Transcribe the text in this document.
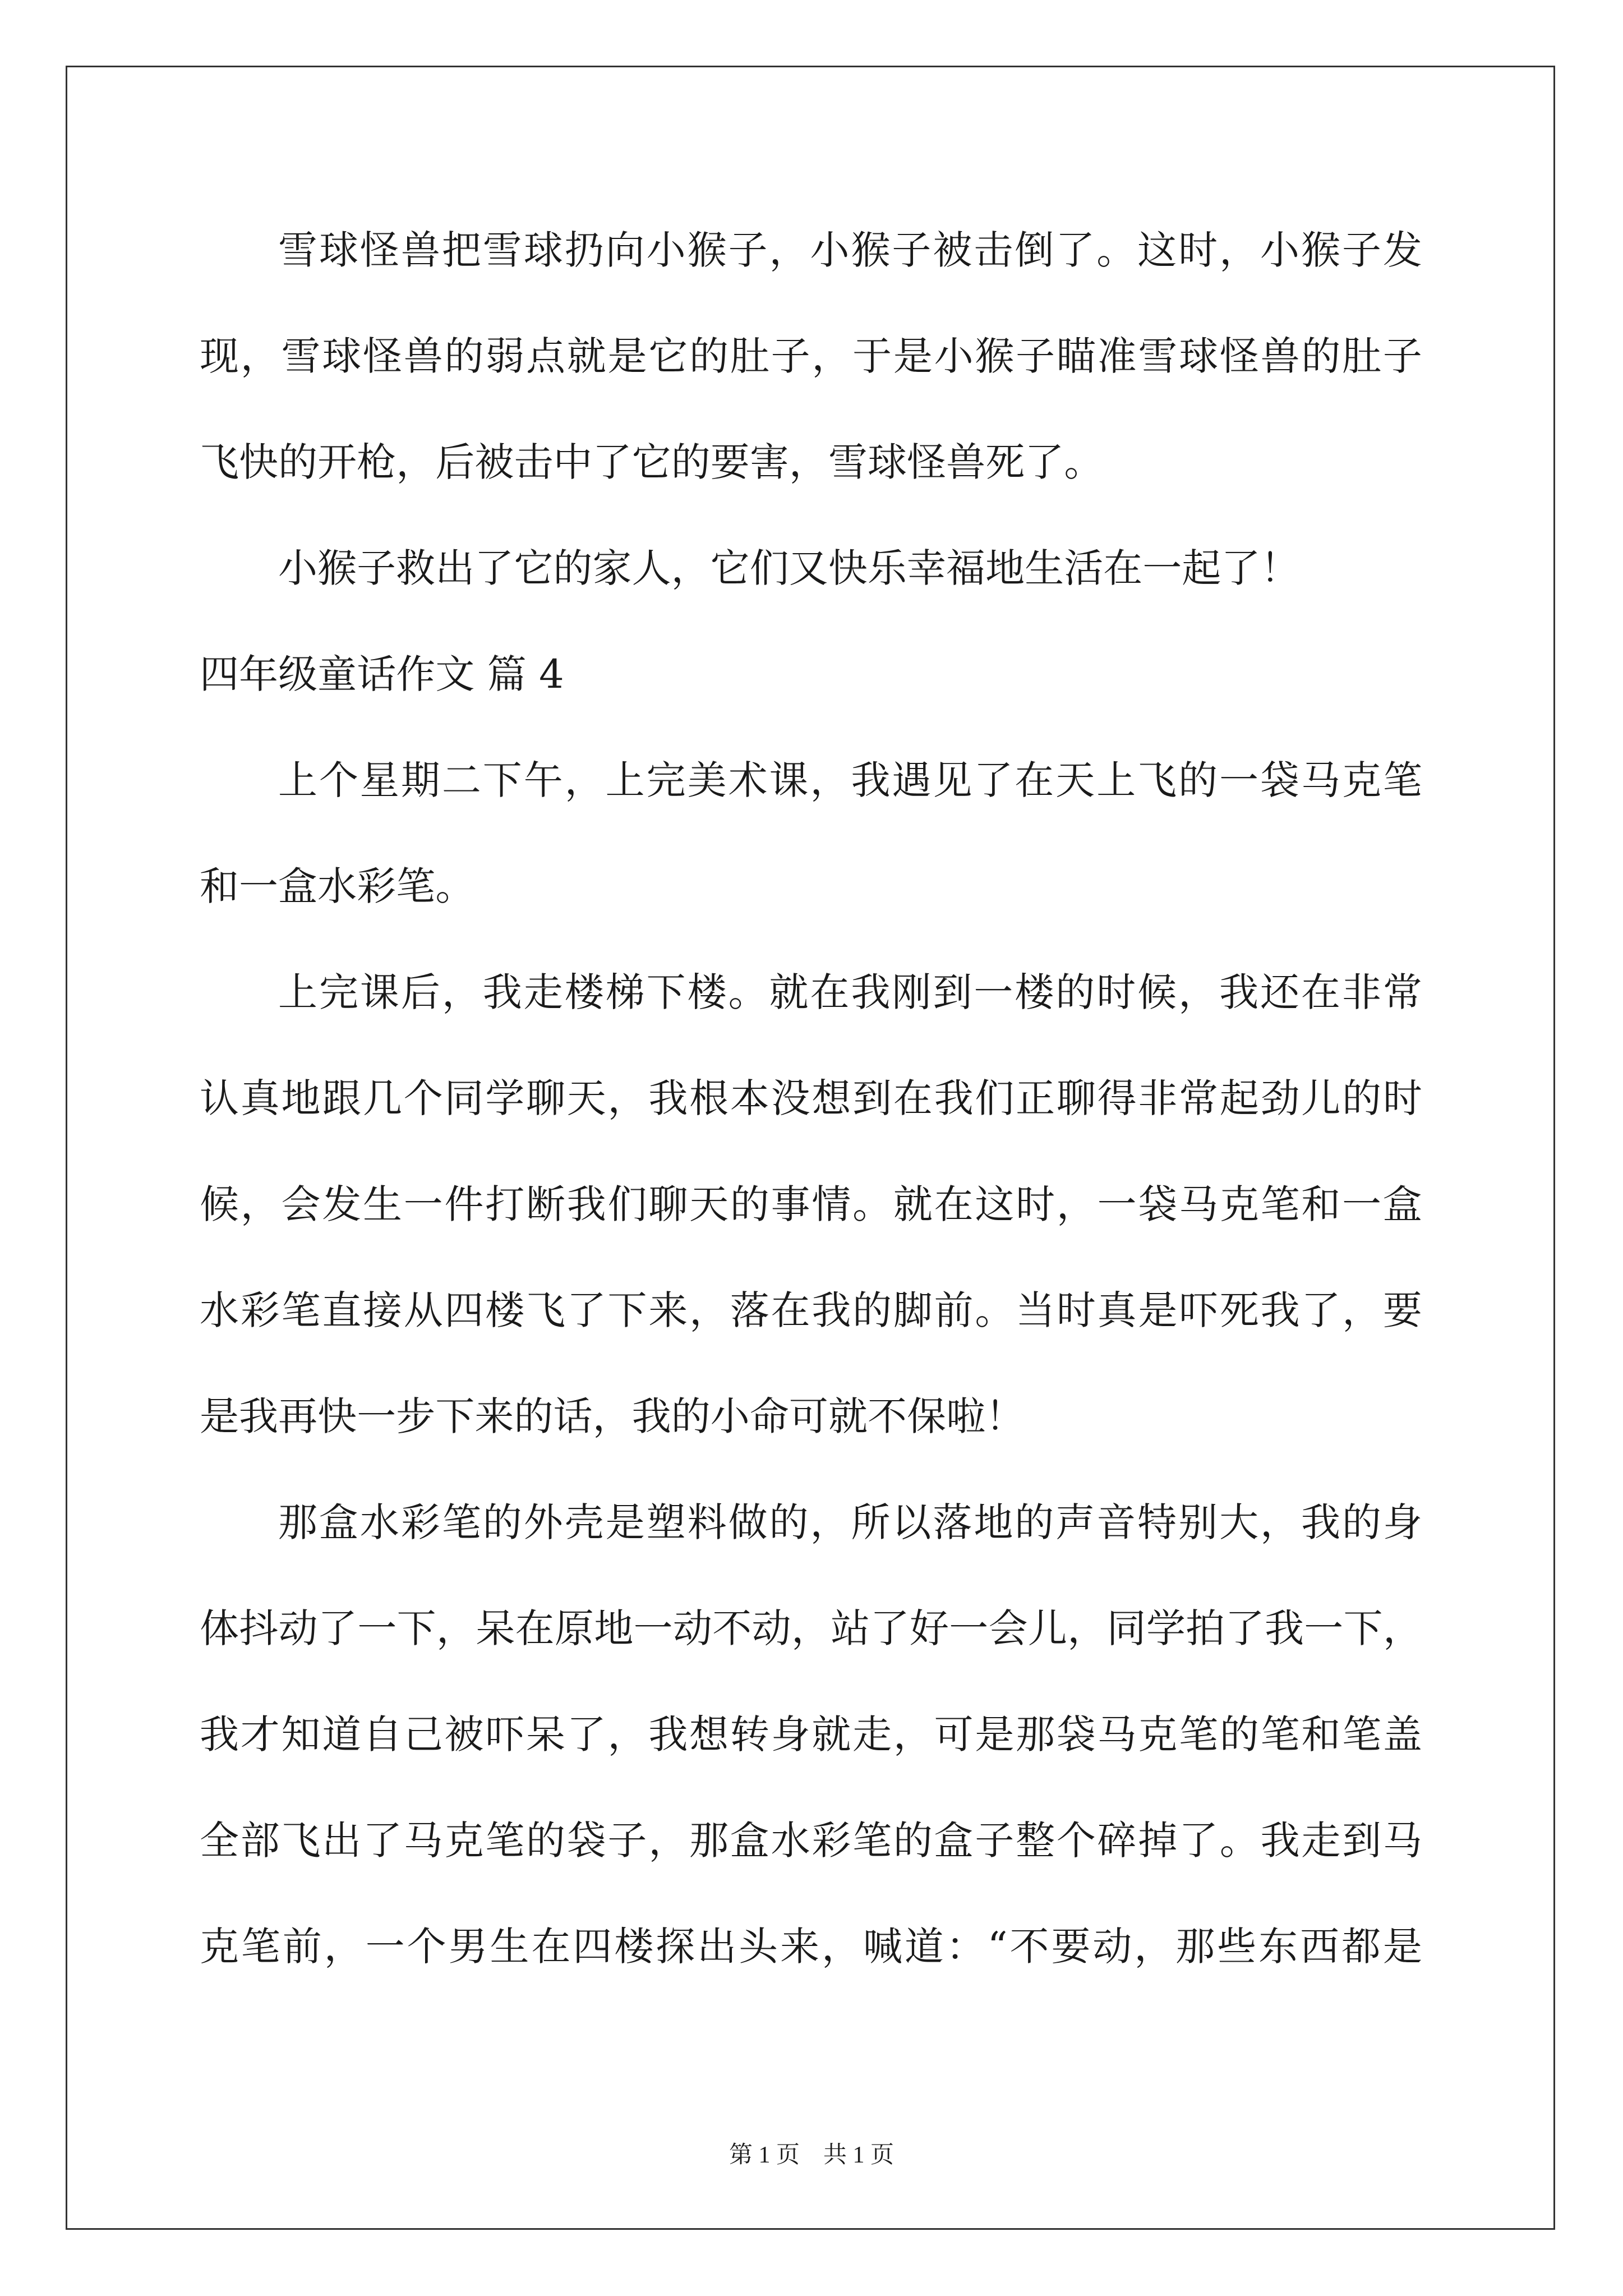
雪球怪兽把雪球扔向小猴子，小猴子被击倒了。这时，小猴子发
现，雪球怪兽的弱点就是它的肚子，于是小猴子瞄准雪球怪兽的肚子
飞快的开枪，后被击中了它的要害，雪球怪兽死了。
小猴子救出了它的家人，它们又快乐幸福地生活在一起了！
四年级童话作文 篇 4
上个星期二下午，上完美术课，我遇见了在天上飞的一袋马克笔
和一盒水彩笔。
上完课后，我走楼梯下楼。就在我刚到一楼的时候，我还在非常
认真地跟几个同学聊天，我根本没想到在我们正聊得非常起劲儿的时
候，会发生一件打断我们聊天的事情。就在这时，一袋马克笔和一盒
水彩笔直接从四楼飞了下来，落在我的脚前。当时真是吓死我了，要
是我再快一步下来的话，我的小命可就不保啦！
那盒水彩笔的外壳是塑料做的，所以落地的声音特别大，我的身
体抖动了一下，呆在原地一动不动，站了好一会儿，同学拍了我一下，
我才知道自己被吓呆了，我想转身就走，可是那袋马克笔的笔和笔盖
全部飞出了马克笔的袋子，那盒水彩笔的盒子整个碎掉了。我走到马
克笔前，一个男生在四楼探出头来，喊道：“不要动，那些东西都是
第 1 页    共 1 页
